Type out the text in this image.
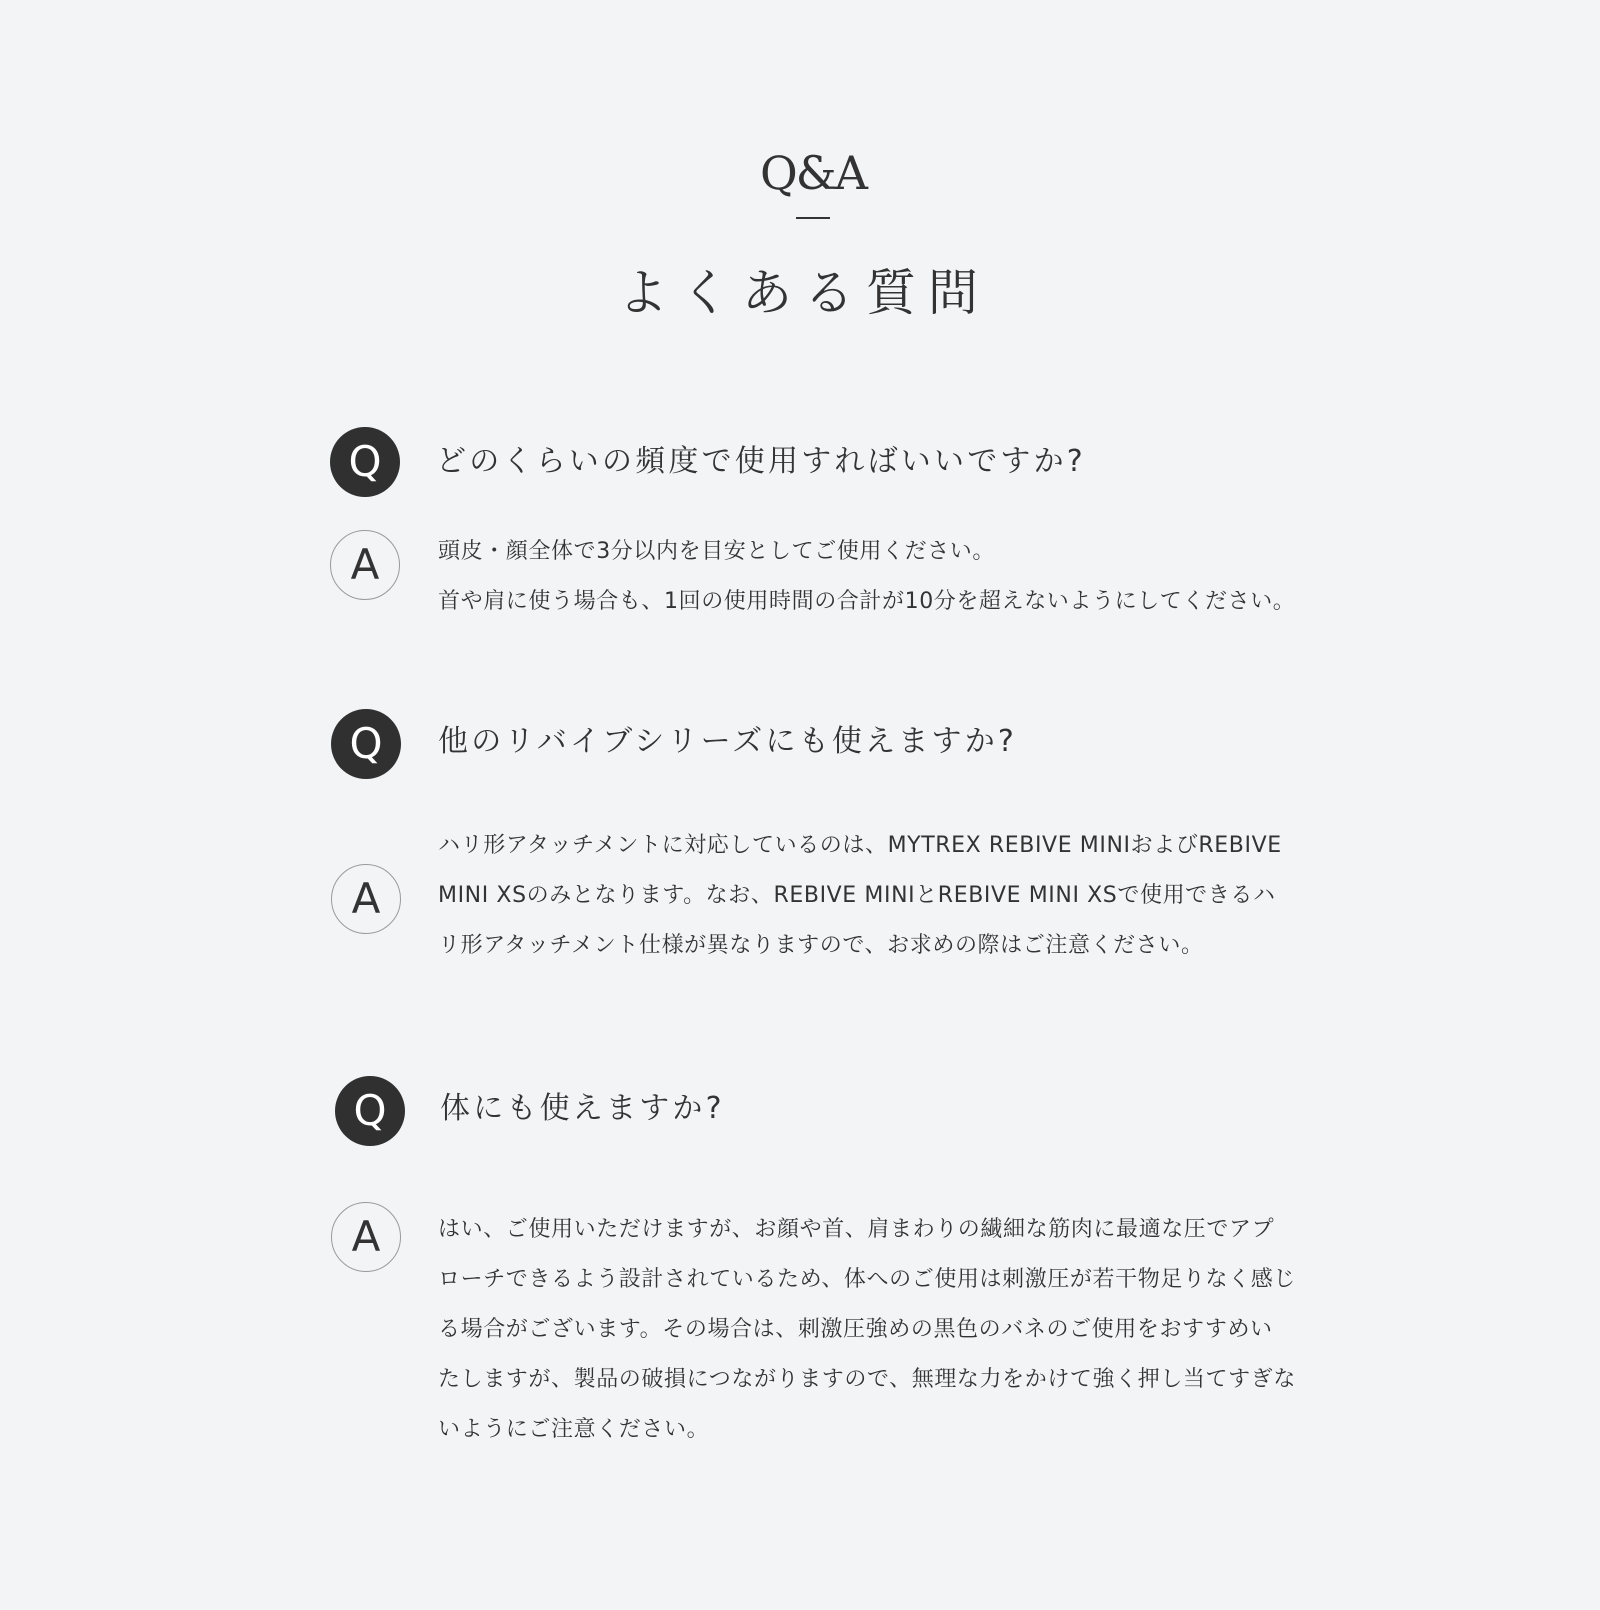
Q&A
よくある質問
Q	どのくらいの頻度で使用すればいいですか?
A	頭皮・顔全体で3分以内を目安としてご使用ください。
首や肩に使う場合も、1回の使用時間の合計が10分を超えないようにしてください。
Q	他のリバイブシリーズにも使えますか?
A
ハリ形アタッチメントに対応しているのは、MYTREX REBIVE MINIおよびREBIVE
MINI XSのみとなります。なお、REBIVE MINIとREBIVE MINI XSで使用できるハ
リ形アタッチメント仕様が異なりますので、お求めの際はご注意ください。
Q	体にも使えますか?
A	はい、ご使用いただけますが、お顔や首、肩まわりの繊細な筋肉に最適な圧でアプ
ローチできるよう設計されているため、体へのご使用は刺激圧が若干物足りなく感じ
る場合がございます。その場合は、刺激圧強めの黒色のバネのご使用をおすすめい
たしますが、製品の破損につながりますので、無理な力をかけて強く押し当てすぎな
いようにご注意ください。
